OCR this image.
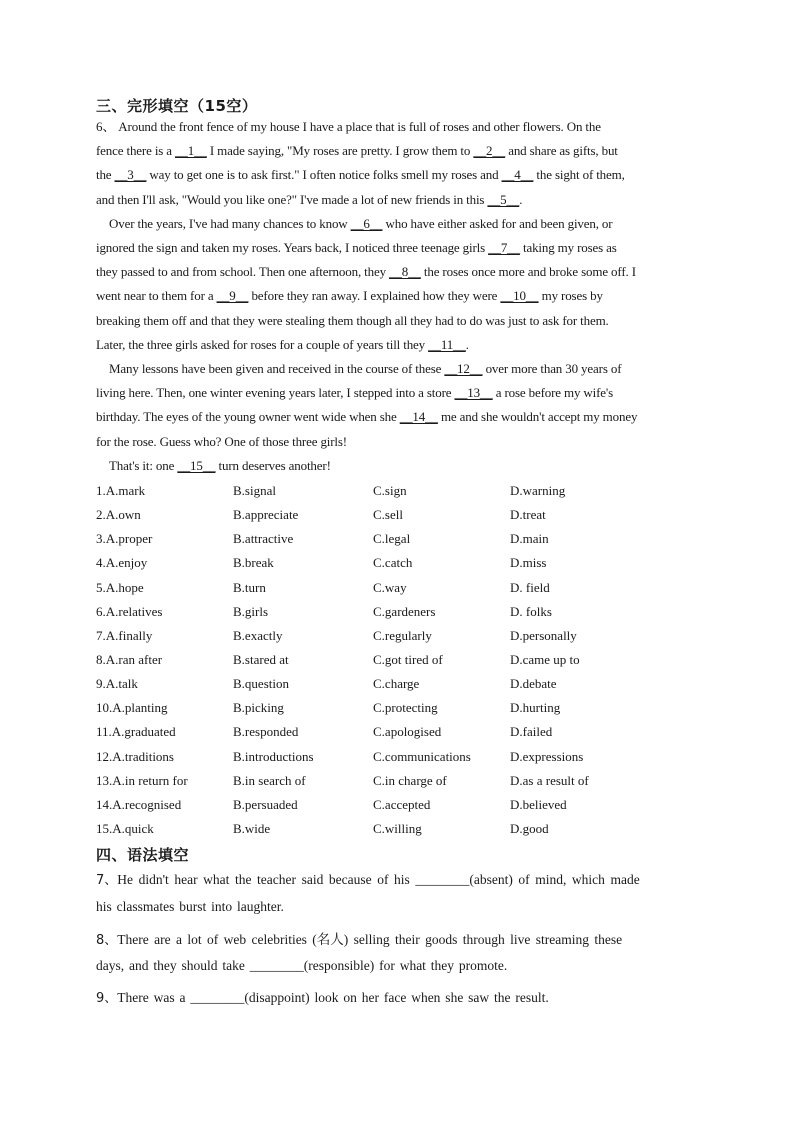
三、完形填空（15空）
6、 Around the front fence of my house I have a place that is full of roses and other flowers. On the
fence there is a __1__ I made saying, "My roses are pretty. I grow them to __2__ and share as gifts, but
the __3__ way to get one is to ask first." I often notice folks smell my roses and __4__ the sight of them,
and then I'll ask, "Would you like one?" I've made a lot of new friends in this __5__.
Over the years, I've had many chances to know __6__ who have either asked for and been given, or
ignored the sign and taken my roses. Years back, I noticed three teenage girls __7__ taking my roses as
they passed to and from school. Then one afternoon, they __8__ the roses once more and broke some off. I
went near to them for a __9__ before they ran away. I explained how they were __10__ my roses by
breaking them off and that they were stealing them though all they had to do was just to ask for them.
Later, the three girls asked for roses for a couple of years till they __11__.
Many lessons have been given and received in the course of these __12__ over more than 30 years of
living here. Then, one winter evening years later, I stepped into a store __13__ a rose before my wife's
birthday. The eyes of the young owner went wide when she __14__ me and she wouldn't accept my money
for the rose. Guess who? One of those three girls!
That's it: one __15__ turn deserves another!
1.A.mark	B.signal	C.sign	D.warning
2.A.own	B.appreciate	C.sell	D.treat
3.A.proper	B.attractive	C.legal	D.main
4.A.enjoy	B.break	C.catch	D.miss
5.A.hope	B.turn	C.way	D. field
6.A.relatives	B.girls	C.gardeners	D. folks
7.A.finally	B.exactly	C.regularly	D.personally
8.A.ran after	B.stared at	C.got tired of	D.came up to
9.A.talk	B.question	C.charge	D.debate
10.A.planting	B.picking	C.protecting	D.hurting
11.A.graduated	B.responded	C.apologised	D.failed
12.A.traditions	B.introductions	C.communications	D.expressions
13.A.in return for	B.in search of	C.in charge of	D.as a result of
14.A.recognised	B.persuaded	C.accepted	D.believed
15.A.quick	B.wide	C.willing	D.good
四、语法填空
7、He didn't hear what the teacher said because of his ________(absent) of mind, which made
his classmates burst into laughter.
8、There are a lot of web celebrities (名人) selling their goods through live streaming these
days, and they should take ________(responsible) for what they promote.
9、There was a ________(disappoint) look on her face when she saw the result.
